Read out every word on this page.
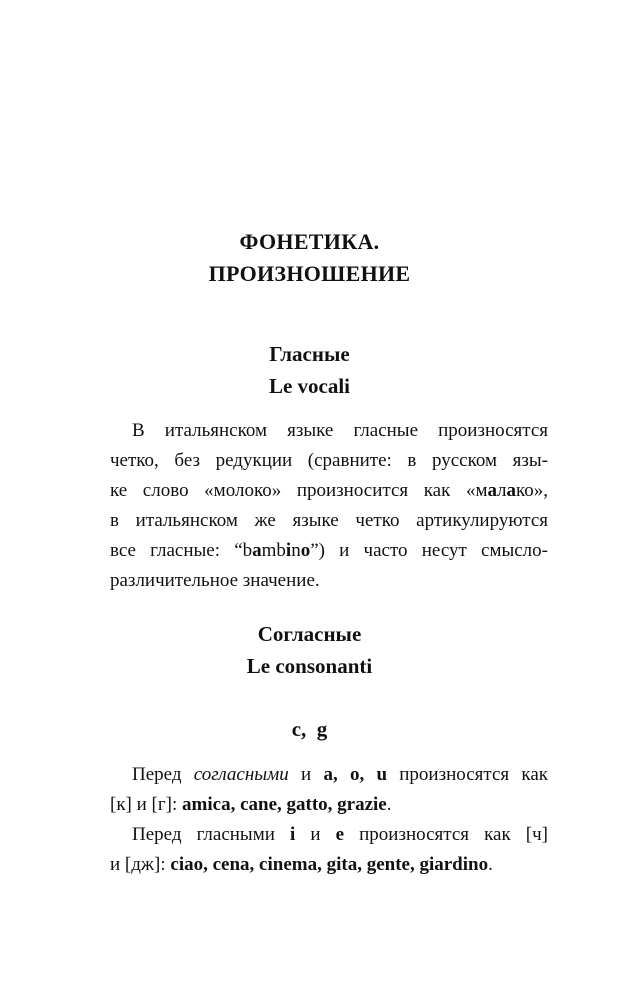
ФОНЕТИКА.
ПРОИЗНОШЕНИЕ
Гласные
Le vocali
В итальянском языке гласные произносятся
четко, без редукции (сравните: в русском язы-
ке слово «молоко» произносится как «малако»,
в итальянском же языке четко артикулируются
все гласные: “bambino”) и часто несут смысло-
различительное значение.
Согласные
Le consonanti
c,  g
Перед согласными и a, o, u произносятся как
[к] и [г]: amica, cane, gatto, grazie.
Перед гласными i и e произносятся как [ч]
и [дж]: ciao, cena, cinema, gita, gente, giardino.
